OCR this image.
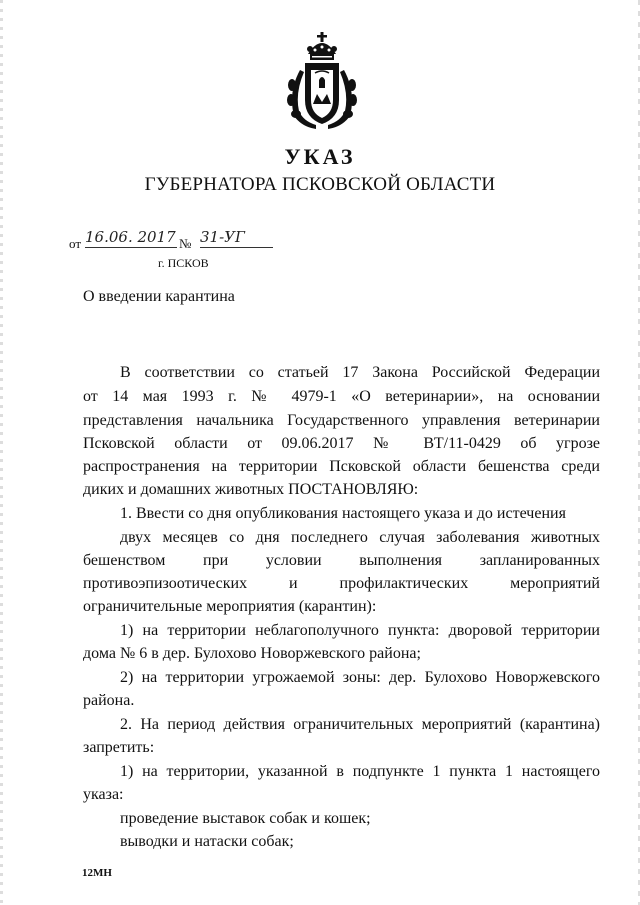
УКАЗ
ГУБЕРНАТОРА ПСКОВСКОЙ ОБЛАСТИ
от 16.06. 2017 № 31-УГ
г. ПСКОВ
О введении карантина

В соответствии со статьей 17 Закона Российской Федерации

от 14 мая 1993 г. № 4979-1 «О ветеринарии», на основании

представления начальника Государственного управления ветеринарии

Псковской области от 09.06.2017 № ВТ/11-0429 об угрозе

распространения на территории Псковской области бешенства среди

диких и домашних животных ПОСТАНОВЛЯЮ:

1. Ввести со дня опубликования настоящего указа и до истечения

двух месяцев со дня последнего случая заболевания животных

бешенством при условии выполнения запланированных

противоэпизоотических и профилактических мероприятий

ограничительные мероприятия (карантин):

1) на территории неблагополучного пункта: дворовой территории

дома № 6 в дер. Булохово Новоржевского района;

2) на территории угрожаемой зоны: дер. Булохово Новоржевского

района.

2. На период действия ограничительных мероприятий (карантина)

запретить:

1) на территории, указанной в подпункте 1 пункта 1 настоящего

указа:

проведение выставок собак и кошек;

выводки и натаски собак;

12МН
